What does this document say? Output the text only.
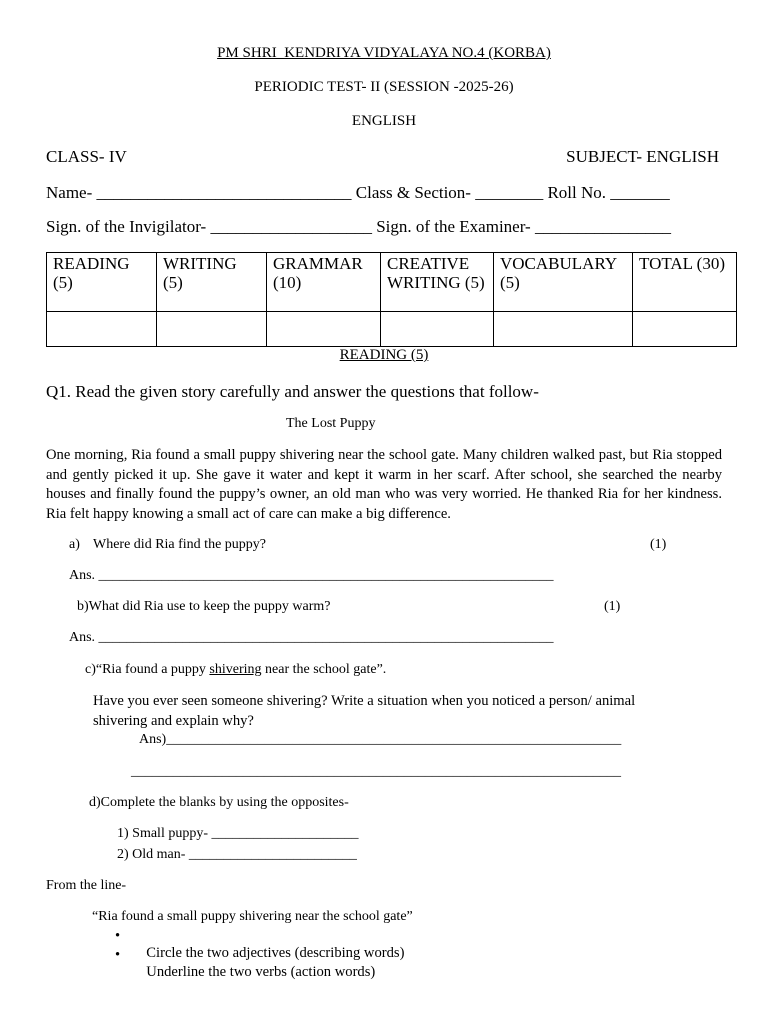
PM SHRI  KENDRIYA VIDYALAYA NO.4 (KORBA)
PERIODIC TEST- II (SESSION -2025-26)
ENGLISH
CLASS- IV	SUBJECT- ENGLISH
Name- ______________________________ Class & Section- ________ Roll No. _______
Sign. of the Invigilator- ___________________ Sign. of the Examiner- ________________
READING (5)	WRITING (5)	GRAMMAR (10)	CREATIVE WRITING (5)	VOCABULARY (5)	TOTAL (30)

READING (5)
Q1. Read the given story carefully and answer the questions that follow-
The Lost Puppy
One morning, Ria found a small puppy shivering near the school gate. Many children walked past, but Ria stopped and gently picked it up. She gave it water and kept it warm in her scarf. After school, she searched the nearby houses and finally found the puppy’s owner, an old man who was very worried. He thanked Ria for her kindness. Ria felt happy knowing a small act of care can make a big difference.
a) Where did Ria find the puppy?	(1)
Ans. _________________________________________________________________
b)What did Ria use to keep the puppy warm?	(1)
Ans. _________________________________________________________________
c)“Ria found a puppy shivering near the school gate”.
Have you ever seen someone shivering? Write a situation when you noticed a person/ animal shivering and explain why?
Ans)_________________________________________________________________
______________________________________________________________________
d)Complete the blanks by using the opposites-
1) Small puppy- _____________________
2) Old man- ________________________
From the line-
“Ria found a small puppy shivering near the school gate”

•
Circle the two adjectives (describing words)

•
Underline the two verbs (action words)
